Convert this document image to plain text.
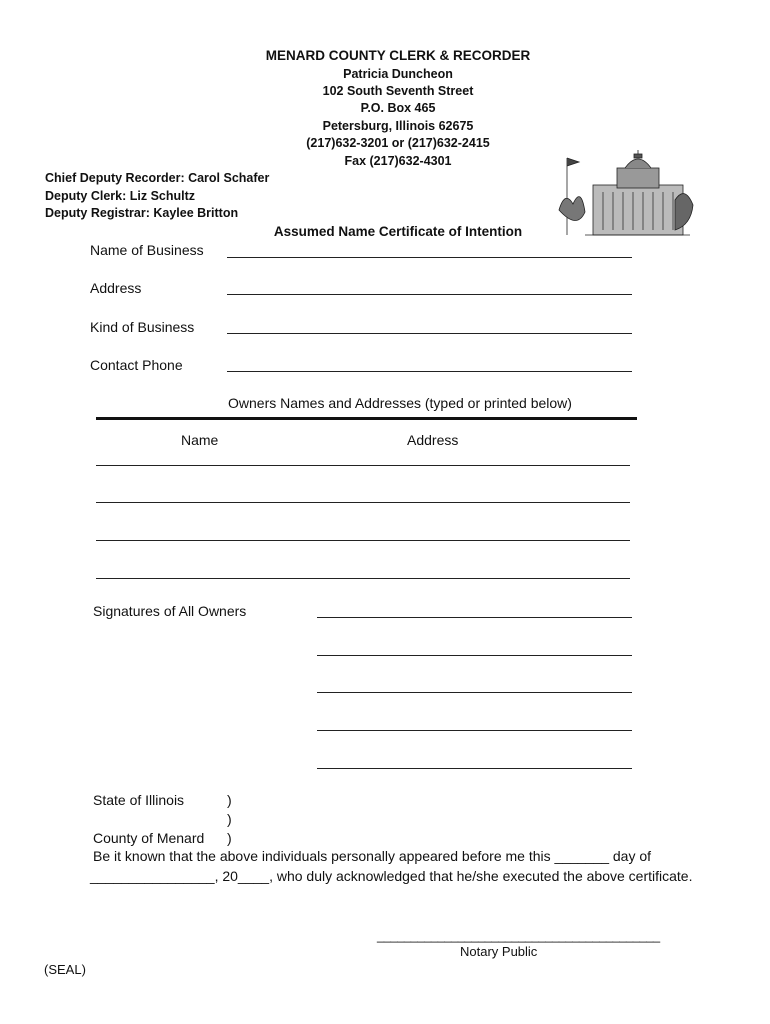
MENARD COUNTY CLERK & RECORDER
Patricia Duncheon
102 South Seventh Street
P.O. Box 465
Petersburg, Illinois 62675
(217)632-3201 or (217)632-2415
Fax (217)632-4301
Chief Deputy Recorder: Carol Schafer
Deputy Clerk: Liz Schultz
Deputy Registrar: Kaylee Britton
Assumed Name Certificate of Intention
Name of Business
Address
Kind of Business
Contact Phone
Owners Names and Addresses (typed or printed below)
Name	Address
Signatures of All Owners
State of Illinois	)
)
County of Menard )
Be it known that the above individuals personally appeared before me this _______ day of
________________, 20____, who duly acknowledged that he/she executed the above certificate.
__________________________________________
Notary Public
(SEAL)
